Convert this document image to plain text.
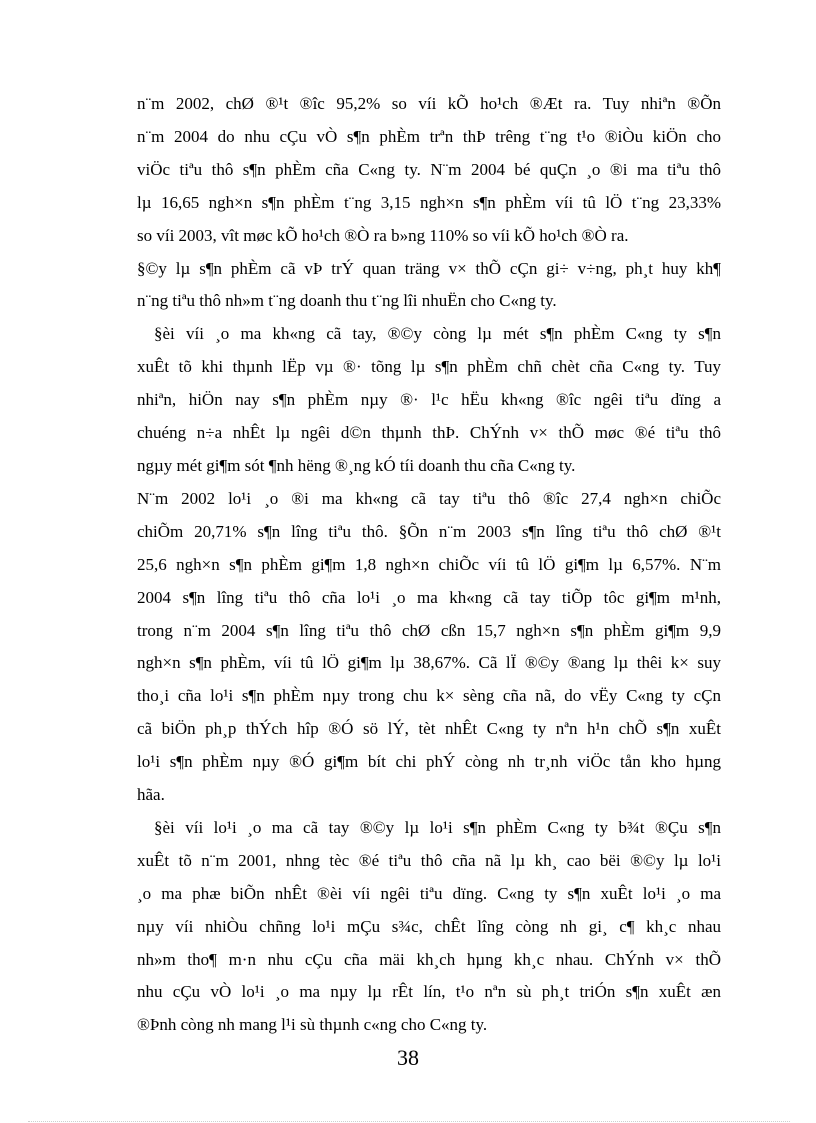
n¨m 2002, chØ ®¹t ®îc 95,2% so víi kÕ ho¹ch ®Æt ra. Tuy nhiªn ®Õn
n¨m 2004 do nhu cÇu vÒ s¶n phÈm trªn thÞ trêng t¨ng t¹o ®iÒu kiÖn cho
viÖc tiªu thô s¶n phÈm cña C«ng ty. N¨m 2004 bé quÇn ¸o ®i ma tiªu thô
lµ 16,65 ngh×n s¶n phÈm t¨ng 3,15 ngh×n s¶n phÈm víi tû lÖ t¨ng 23,33%
so víi 2003, vît møc kÕ ho¹ch ®Ò ra b»ng 110% so víi kÕ ho¹ch ®Ò ra.
§©y lµ s¶n phÈm cã vÞ trÝ quan träng v× thÕ cÇn gi÷ v÷ng, ph¸t huy kh¶
n¨ng tiªu thô nh»m t¨ng doanh thu t¨ng lîi nhuËn cho C«ng ty.
§èi víi ¸o ma kh«ng cã tay, ®©y còng lµ mét s¶n phÈm C«ng ty s¶n
xuÊt tõ khi thµnh lËp vµ ®· tõng lµ s¶n phÈm chñ chèt cña C«ng ty. Tuy
nhiªn, hiÖn nay s¶n phÈm nµy ®· l¹c hËu kh«ng ®îc ngêi tiªu dïng a
chuéng n÷a nhÊt lµ ngêi d©n thµnh thÞ. ChÝnh v× thÕ møc ®é tiªu thô
ngµy mét gi¶m sót ¶nh hëng ®¸ng kÓ tíi doanh thu cña C«ng ty.
N¨m 2002 lo¹i ¸o ®i ma kh«ng cã tay tiªu thô ®îc 27,4 ngh×n chiÕc
chiÕm 20,71% s¶n lîng tiªu thô. §Õn n¨m 2003 s¶n lîng tiªu thô chØ ®¹t
25,6 ngh×n s¶n phÈm gi¶m 1,8 ngh×n chiÕc víi tû lÖ gi¶m lµ 6,57%. N¨m
2004 s¶n lîng tiªu thô cña lo¹i ¸o ma kh«ng cã tay tiÕp tôc gi¶m m¹nh,
trong n¨m 2004 s¶n lîng tiªu thô chØ cßn 15,7 ngh×n s¶n phÈm gi¶m 9,9
ngh×n s¶n phÈm, víi tû lÖ gi¶m lµ 38,67%. Cã lÏ ®©y ®ang lµ thêi k× suy
tho¸i cña lo¹i s¶n phÈm nµy trong chu k× sèng cña nã, do vËy C«ng ty cÇn
cã biÖn ph¸p thÝch hîp ®Ó sö lÝ, tèt nhÊt C«ng ty nªn h¹n chÕ s¶n xuÊt
lo¹i s¶n phÈm nµy ®Ó gi¶m bít chi phÝ còng nh tr¸nh viÖc tån kho hµng
hãa.
§èi víi lo¹i ¸o ma cã tay ®©y lµ lo¹i s¶n phÈm C«ng ty b¾t ®Çu s¶n
xuÊt tõ n¨m 2001, nhng tèc ®é tiªu thô cña nã lµ kh¸ cao bëi ®©y lµ lo¹i
¸o ma phæ biÕn nhÊt ®èi víi ngêi tiªu dïng. C«ng ty s¶n xuÊt lo¹i ¸o ma
nµy víi nhiÒu chñng lo¹i mÇu s¾c, chÊt lîng còng nh gi¸ c¶ kh¸c nhau
nh»m tho¶ m·n nhu cÇu cña mäi kh¸ch hµng kh¸c nhau. ChÝnh v× thÕ
nhu cÇu vÒ lo¹i ¸o ma nµy lµ rÊt lín, t¹o nªn sù ph¸t triÓn s¶n xuÊt æn
®Þnh còng nh mang l¹i sù thµnh c«ng cho C«ng ty.
38
